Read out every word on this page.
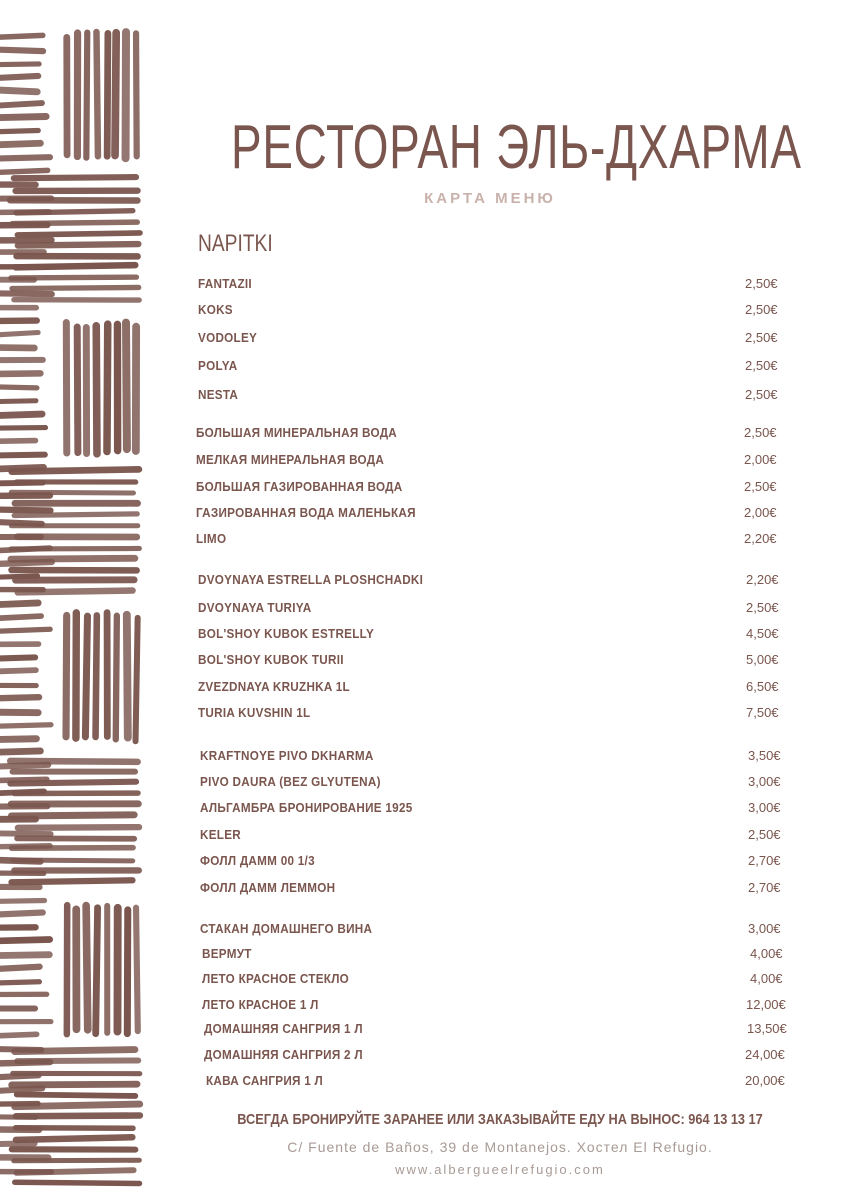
РЕСТОРАН ЭЛЬ-ДХАРМА
КАРТА МЕНЮ
NAPITKI
FANTAZII	2,50€
KOKS	2,50€
VODOLEY	2,50€
POLYA	2,50€
NESTA	2,50€
БОЛЬШАЯ МИНЕРАЛЬНАЯ ВОДА	2,50€
МЕЛКАЯ МИНЕРАЛЬНАЯ ВОДА	2,00€
БОЛЬШАЯ ГАЗИРОВАННАЯ ВОДА	2,50€
ГАЗИРОВАННАЯ ВОДА МАЛЕНЬКАЯ	2,00€
LIMO	2,20€
DVOYNAYA ESTRELLA PLOSHCHADKI	2,20€
DVOYNAYA TURIYA	2,50€
BOL'SHOY KUBOK ESTRELLY	4,50€
BOL'SHOY KUBOK TURII	5,00€
ZVEZDNAYA KRUZHKA 1L	6,50€
TURIA KUVSHIN 1L	7,50€
KRAFTNOYE PIVO DKHARMA	3,50€
PIVO DAURA (BEZ GLYUTENA)	3,00€
АЛЬГАМБРА БРОНИРОВАНИЕ 1925	3,00€
KELER	2,50€
ФОЛЛ ДАММ 00 1/3	2,70€
ФОЛЛ ДАММ ЛЕММОН	2,70€
СТАКАН ДОМАШНЕГО ВИНА	3,00€
ВЕРМУТ	4,00€
ЛЕТО КРАСНОЕ СТЕКЛО	4,00€
ЛЕТО КРАСНОЕ 1 Л	12,00€
ДОМАШНЯЯ САНГРИЯ 1 Л	13,50€
ДОМАШНЯЯ САНГРИЯ 2 Л	24,00€
КАВА САНГРИЯ 1 Л	20,00€
ВСЕГДА БРОНИРУЙТЕ ЗАРАНЕЕ ИЛИ ЗАКАЗЫВАЙТЕ ЕДУ НА ВЫНОС: 964 13 13 17
C/ Fuente de Baños, 39 de Montanejos. Хостел El Refugio.
www.albergueelrefugio.com
